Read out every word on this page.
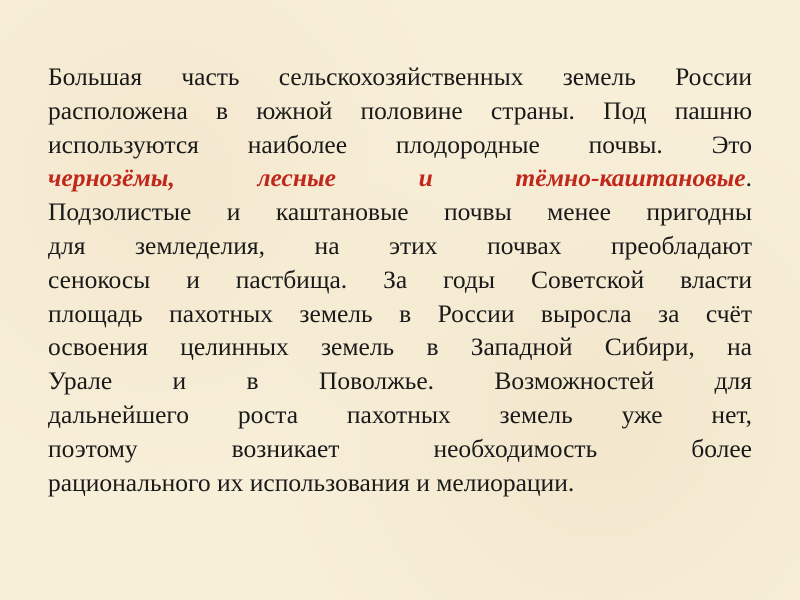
Большая часть сельскохозяйственных земель России
расположена в южной половине страны. Под пашню
используются наиболее плодородные почвы. Это
чернозёмы, лесные и тёмно-каштановые.
Подзолистые и каштановые почвы менее пригодны
для земледелия, на этих почвах преобладают
сенокосы и пастбища. За годы Советской власти
площадь пахотных земель в России выросла за счёт
освоения целинных земель в Западной Сибири, на
Урале и в Поволжье. Возможностей для
дальнейшего роста пахотных земель уже нет,
поэтому возникает необходимость более
рационального их использования и мелиорации.
